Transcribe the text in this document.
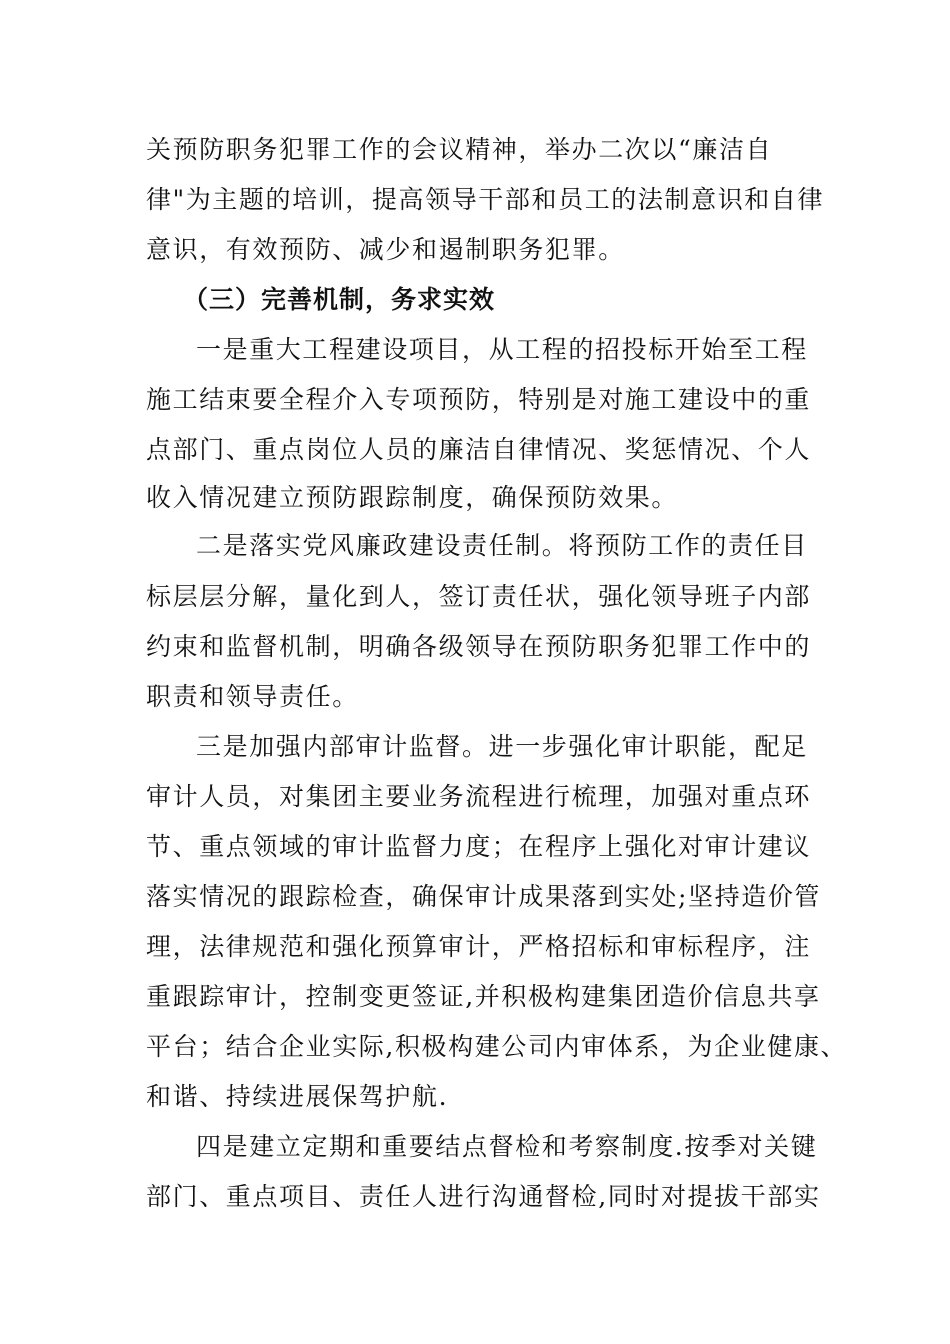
关预防职务犯罪工作的会议精神，举办二次以“廉洁自
律"为主题的培训，提高领导干部和员工的法制意识和自律
意识，有效预防、减少和遏制职务犯罪。
（三）完善机制，务求实效
一是重大工程建设项目，从工程的招投标开始至工程
施工结束要全程介入专项预防，特别是对施工建设中的重
点部门、重点岗位人员的廉洁自律情况、奖惩情况、个人
收入情况建立预防跟踪制度，确保预防效果。
二是落实党风廉政建设责任制。将预防工作的责任目
标层层分解，量化到人，签订责任状，强化领导班子内部
约束和监督机制，明确各级领导在预防职务犯罪工作中的
职责和领导责任。
三是加强内部审计监督。进一步强化审计职能，配足
审计人员，对集团主要业务流程进行梳理，加强对重点环
节、重点领域的审计监督力度；在程序上强化对审计建议
落实情况的跟踪检查，确保审计成果落到实处;坚持造价管
理，法律规范和强化预算审计，严格招标和审标程序，注
重跟踪审计，控制变更签证,并积极构建集团造价信息共享
平台；结合企业实际,积极构建公司内审体系，为企业健康、
和谐、持续进展保驾护航.
四是建立定期和重要结点督检和考察制度.按季对关键
部门、重点项目、责任人进行沟通督检,同时对提拔干部实
